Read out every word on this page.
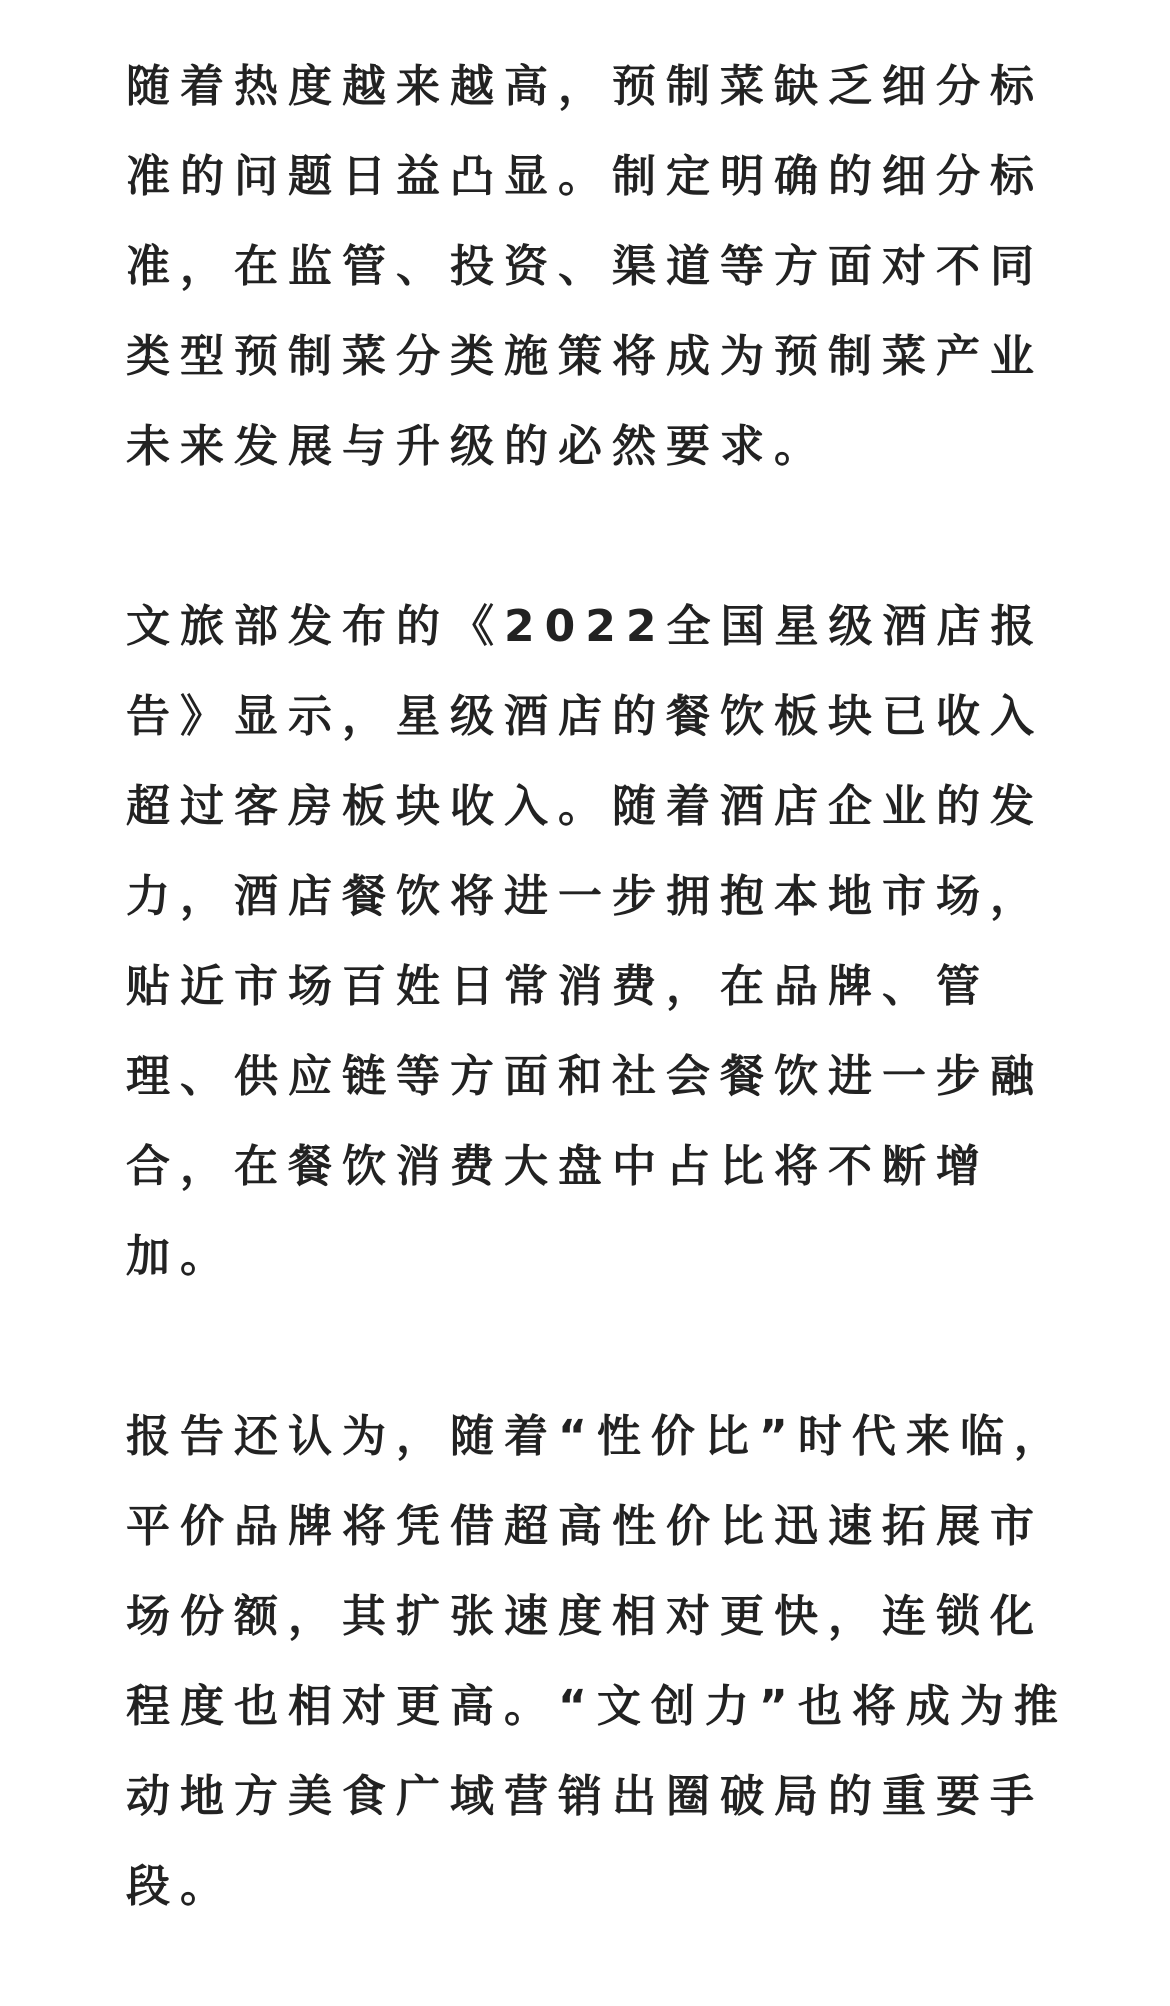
随着热度越来越高，预制菜缺乏细分标
准的问题日益凸显。制定明确的细分标
准，在监管、投资、渠道等方面对不同
类型预制菜分类施策将成为预制菜产业
未来发展与升级的必然要求。
文旅部发布的《2022全国星级酒店报
告》显示，星级酒店的餐饮板块已收入
超过客房板块收入。随着酒店企业的发
力，酒店餐饮将进一步拥抱本地市场，
贴近市场百姓日常消费，在品牌、管
理、供应链等方面和社会餐饮进一步融
合，在餐饮消费大盘中占比将不断增
加。
报告还认为，随着“性价比”时代来临，
平价品牌将凭借超高性价比迅速拓展市
场份额，其扩张速度相对更快，连锁化
程度也相对更高。“文创力”也将成为推
动地方美食广域营销出圈破局的重要手
段。
